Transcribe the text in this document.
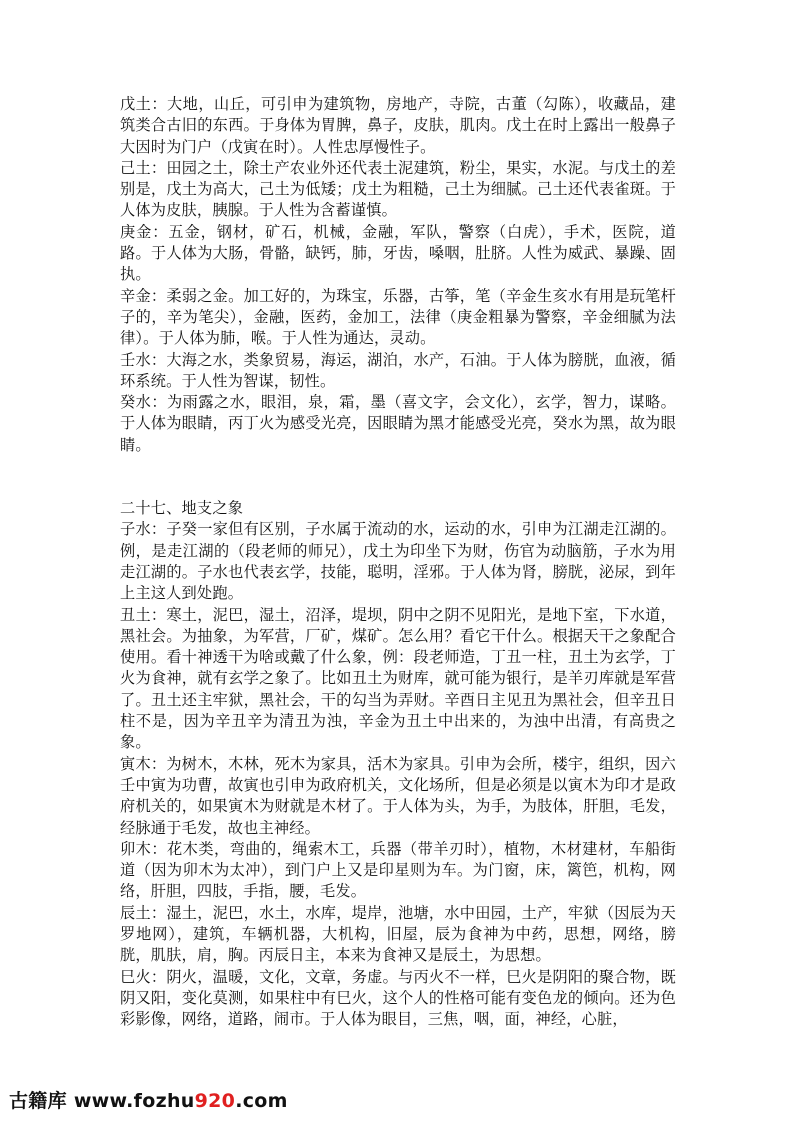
戊土：大地，山丘，可引申为建筑物，房地产，寺院，古董（勾陈），收藏品，建筑类合古旧的东西。于身体为胃脾，鼻子，皮肤，肌肉。戊土在时上露出一般鼻子大因时为门户（戊寅在时）。人性忠厚慢性子。

己土：田园之土，除土产农业外还代表土泥建筑，粉尘，果实，水泥。与戊土的差别是，戊土为高大，己土为低矮；戊土为粗糙，己土为细腻。己土还代表雀斑。于人体为皮肤，胰腺。于人性为含蓄谨慎。

庚金：五金，钢材，矿石，机械，金融，军队，警察（白虎），手术，医院，道路。于人体为大肠，骨骼，缺钙，肺，牙齿，嗓咽，肚脐。人性为威武、暴躁、固执。

辛金：柔弱之金。加工好的，为珠宝，乐器，古筝，笔（辛金生亥水有用是玩笔杆子的，辛为笔尖），金融，医药，金加工，法律（庚金粗暴为警察，辛金细腻为法律）。于人体为肺，喉。于人性为通达，灵动。

壬水：大海之水，类象贸易，海运，湖泊，水产，石油。于人体为膀胱，血液，循环系统。于人性为智谋，韧性。

癸水：为雨露之水，眼泪，泉，霜，墨（喜文字，会文化），玄学，智力，谋略。于人体为眼睛，丙丁火为感受光亮，因眼睛为黑才能感受光亮，癸水为黑，故为眼睛。

二十七、地支之象

子水：子癸一家但有区别，子水属于流动的水，运动的水，引申为江湖走江湖的。例，是走江湖的（段老师的师兄），戊土为印坐下为财，伤官为动脑筋，子水为用走江湖的。子水也代表玄学，技能，聪明，淫邪。于人体为肾，膀胱，泌尿，到年上主这人到处跑。

丑土：寒土，泥巴，湿土，沼泽，堤坝，阴中之阴不见阳光，是地下室，下水道，黑社会。为抽象，为军营，厂矿，煤矿。怎么用？看它干什么。根据天干之象配合使用。看十神透干为啥或戴了什么象，例：段老师造，丁丑一柱，丑土为玄学，丁火为食神，就有玄学之象了。比如丑土为财库，就可能为银行，是羊刃库就是军营了。丑土还主牢狱，黑社会，干的勾当为弄财。辛酉日主见丑为黑社会，但辛丑日柱不是，因为辛丑辛为清丑为浊，辛金为丑土中出来的，为浊中出清，有高贵之象。

寅木：为树木，木林，死木为家具，活木为家具。引申为会所，楼宇，组织，因六壬中寅为功曹，故寅也引申为政府机关，文化场所，但是必须是以寅木为印才是政府机关的，如果寅木为财就是木材了。于人体为头，为手，为肢体，肝胆，毛发，经脉通于毛发，故也主神经。

卯木：花木类，弯曲的，绳索木工，兵器（带羊刃时），植物，木材建材，车船街道（因为卯木为太冲），到门户上又是印星则为车。为门窗，床，篱笆，机构，网络，肝胆，四肢，手指，腰，毛发。

辰土：湿土，泥巴，水土，水库，堤岸，池塘，水中田园，土产，牢狱（因辰为天罗地网），建筑，车辆机器，大机构，旧屋，辰为食神为中药，思想，网络，膀胱，肌肤，肩，胸。丙辰日主，本来为食神又是辰土，为思想。

巳火：阴火，温暖，文化，文章，务虚。与丙火不一样，巳火是阴阳的聚合物，既阴又阳，变化莫测，如果柱中有巳火，这个人的性格可能有变色龙的倾向。还为色彩影像，网络，道路，闹市。于人体为眼目，三焦，咽，面，神经，心脏，

古籍库 www.fozhu920.com
